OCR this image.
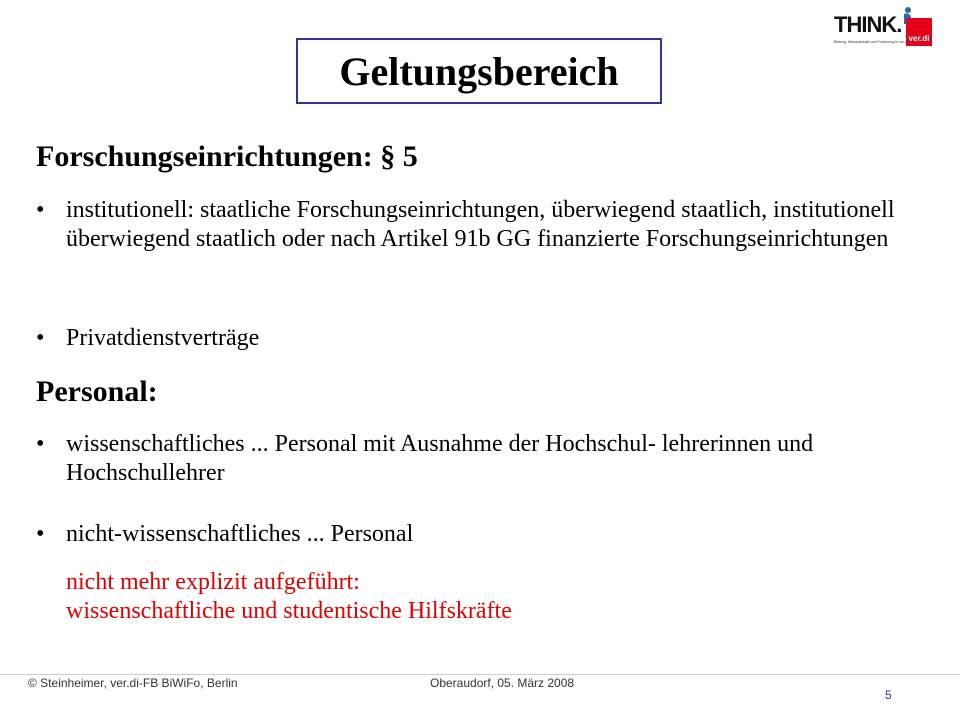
Geltungsbereich
THINK.
ver.di
Bildung, Wissenschaft und Forschung in ver.di
Forschungseinrichtungen: § 5
• institutionell: staatliche Forschungseinrichtungen, überwiegend staatlich, institutionell überwiegend staatlich oder nach Artikel 91b GG finanzierte Forschungseinrichtungen
• Privatdienstverträge
Personal:
• wissenschaftliches ... Personal mit Ausnahme der Hochschul- lehrerinnen und Hochschullehrer
• nicht-wissenschaftliches ... Personal
nicht mehr explizit aufgeführt:
wissenschaftliche und studentische Hilfskräfte
© Steinheimer, ver.di-FB BiWiFo, Berlin	Oberaudorf, 05. März 2008
5
